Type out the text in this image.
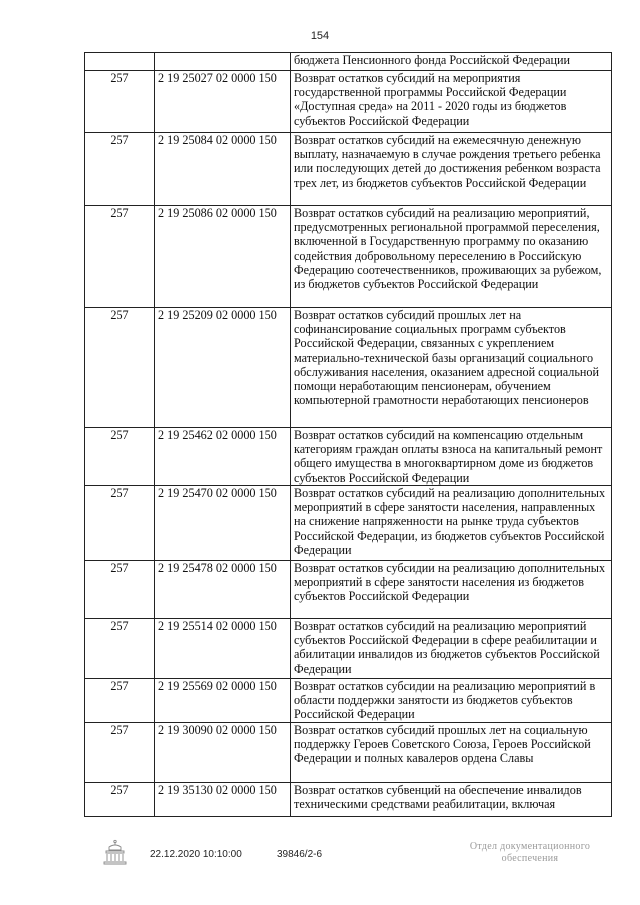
154
		бюджета Пенсионного фонда Российской Федерации
257	2 19 25027 02 0000 150	Возврат остатков субсидий на мероприятия государственной программы Российской Федерации «Доступная среда» на 2011 - 2020 годы из бюджетов субъектов Российской Федерации
257	2 19 25084 02 0000 150	Возврат остатков субсидий на ежемесячную денежную выплату, назначаемую в случае рождения третьего ребенка или последующих детей до достижения ребенком возраста трех лет, из бюджетов субъектов Российской Федерации
257	2 19 25086 02 0000 150	Возврат остатков субсидий на реализацию мероприятий, предусмотренных региональной программой переселения, включенной в Государственную программу по оказанию содействия добровольному переселению в Российскую Федерацию соотечественников, проживающих за рубежом, из бюджетов субъектов Российской Федерации
257	2 19 25209 02 0000 150	Возврат остатков субсидий прошлых лет на софинансирование социальных программ субъектов Российской Федерации, связанных с укреплением материально-технической базы организаций социального обслуживания населения, оказанием адресной социальной помощи неработающим пенсионерам, обучением компьютерной грамотности неработающих пенсионеров
257	2 19 25462 02 0000 150	Возврат остатков субсидий на компенсацию отдельным категориям граждан оплаты взноса на капитальный ремонт общего имущества в многоквартирном доме из бюджетов субъектов Российской Федерации
257	2 19 25470 02 0000 150	Возврат остатков субсидий на реализацию дополнительных мероприятий в сфере занятости населения, направленных на снижение напряженности на рынке труда субъектов Российской Федерации, из бюджетов субъектов Российской Федерации
257	2 19 25478 02 0000 150	Возврат остатков субсидии на реализацию дополнительных мероприятий в сфере занятости населения из бюджетов субъектов Российской Федерации
257	2 19 25514 02 0000 150	Возврат остатков субсидий на реализацию мероприятий субъектов Российской Федерации в сфере реабилитации и абилитации инвалидов из бюджетов субъектов Российской Федерации
257	2 19 25569 02 0000 150	Возврат остатков субсидии на реализацию мероприятий в области поддержки занятости из бюджетов субъектов Российской Федерации
257	2 19 30090 02 0000 150	Возврат остатков субсидий прошлых лет на социальную поддержку Героев Советского Союза, Героев Российской Федерации и полных кавалеров ордена Славы
257	2 19 35130 02 0000 150	Возврат остатков субвенций на обеспечение инвалидов техническими средствами реабилитации, включая
22.12.2020 10:10:00	39846/2-6
Отдел документационного
обеспечения
